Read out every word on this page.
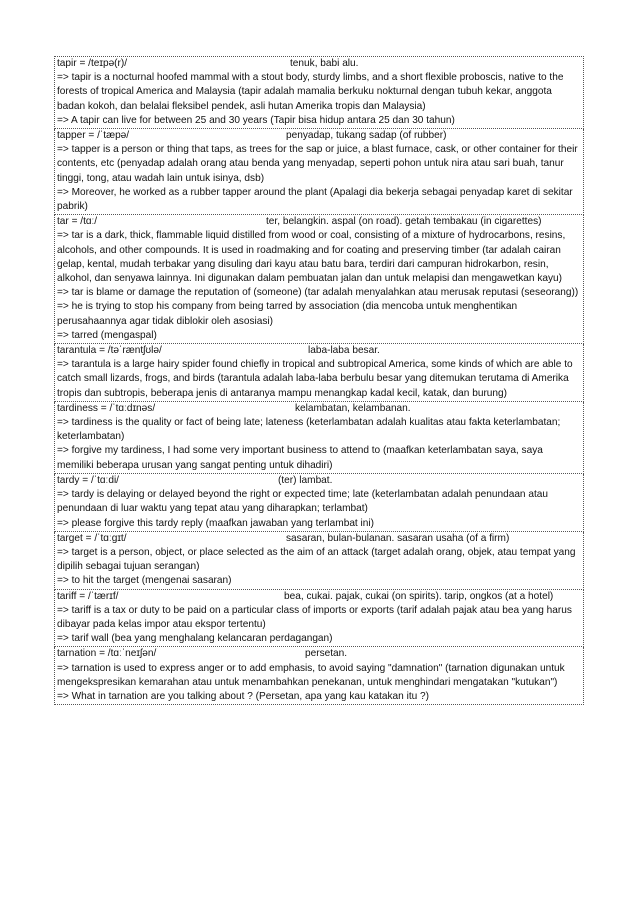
tapir = /teɪpə(r)/	tenuk, babi alu.
=> tapir is a nocturnal hoofed mammal with a stout body, sturdy limbs, and a short flexible proboscis, native to the forests of tropical America and Malaysia (tapir adalah mamalia berkuku nokturnal dengan tubuh kekar, anggota badan kokoh, dan belalai fleksibel pendek, asli hutan Amerika tropis dan Malaysia)
=> A tapir can live for between 25 and 30 years (Tapir bisa hidup antara 25 dan 30 tahun)
tapper = /ˈtæpə/	penyadap, tukang sadap (of rubber)
=> tapper is a person or thing that taps, as trees for the sap or juice, a blast furnace, cask, or other container for their contents, etc (penyadap adalah orang atau benda yang menyadap, seperti pohon untuk nira atau sari buah, tanur tinggi, tong, atau wadah lain untuk isinya, dsb)
=> Moreover, he worked as a rubber tapper around the plant (Apalagi dia bekerja sebagai penyadap karet di sekitar pabrik)
tar = /tɑː/	ter, belangkin. aspal (on road). getah tembakau (in cigarettes)
=> tar is a dark, thick, flammable liquid distilled from wood or coal, consisting of a mixture of hydrocarbons, resins, alcohols, and other compounds. It is used in roadmaking and for coating and preserving timber (tar adalah cairan gelap, kental, mudah terbakar yang disuling dari kayu atau batu bara, terdiri dari campuran hidrokarbon, resin, alkohol, dan senyawa lainnya. Ini digunakan dalam pembuatan jalan dan untuk melapisi dan mengawetkan kayu)
=> tar is blame or damage the reputation of (someone) (tar adalah menyalahkan atau merusak reputasi (seseorang))
=> he is trying to stop his company from being tarred by association (dia mencoba untuk menghentikan perusahaannya agar tidak diblokir oleh asosiasi)
=> tarred (mengaspal)
tarantula = /təˈræntʃʊlə/	laba-laba besar.
=> tarantula is a large hairy spider found chiefly in tropical and subtropical America, some kinds of which are able to catch small lizards, frogs, and birds (tarantula adalah laba-laba berbulu besar yang ditemukan terutama di Amerika tropis dan subtropis, beberapa jenis di antaranya mampu menangkap kadal kecil, katak, dan burung)
tardiness = /ˈtɑːdɪnəs/	kelambatan, kelambanan.
=> tardiness is the quality or fact of being late; lateness (keterlambatan adalah kualitas atau fakta keterlambatan; keterlambatan)
=> forgive my tardiness, I had some very important business to attend to (maafkan keterlambatan saya, saya memiliki beberapa urusan yang sangat penting untuk dihadiri)
tardy = /ˈtɑːdi/	(ter) lambat.
=> tardy is delaying or delayed beyond the right or expected time; late (keterlambatan adalah penundaan atau penundaan di luar waktu yang tepat atau yang diharapkan; terlambat)
=> please forgive this tardy reply (maafkan jawaban yang terlambat ini)
target = /ˈtɑːgɪt/	sasaran, bulan-bulanan. sasaran usaha (of a firm)
=> target is a person, object, or place selected as the aim of an attack (target adalah orang, objek, atau tempat yang dipilih sebagai tujuan serangan)
=> to hit the target (mengenai sasaran)
tariff = /ˈtærɪf/	bea, cukai. pajak, cukai (on spirits). tarip, ongkos (at a hotel)
=> tariff is a tax or duty to be paid on a particular class of imports or exports (tarif adalah pajak atau bea yang harus dibayar pada kelas impor atau ekspor tertentu)
=> tarif wall (bea yang menghalang kelancaran perdagangan)
tarnation = /tɑːˈneɪʃən/	persetan.
=> tarnation is used to express anger or to add emphasis, to avoid saying "damnation" (tarnation digunakan untuk mengekspresikan kemarahan atau untuk menambahkan penekanan, untuk menghindari mengatakan "kutukan")
=> What in tarnation are you talking about ? (Persetan, apa yang kau katakan itu ?)
